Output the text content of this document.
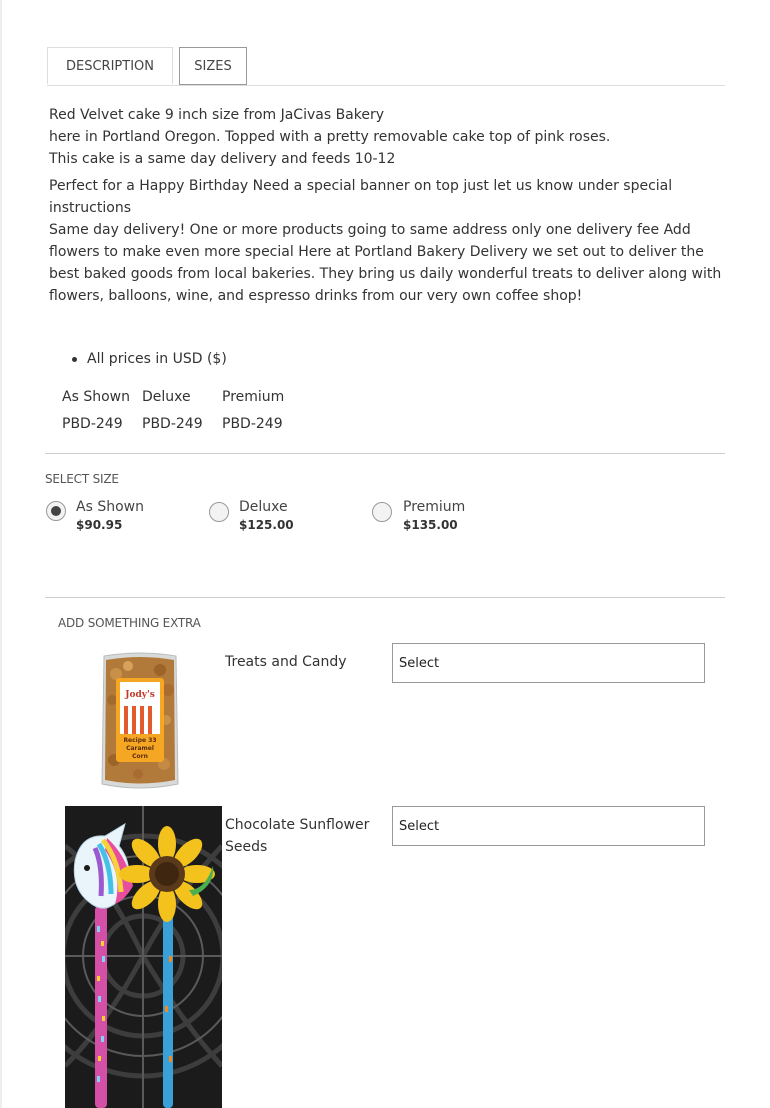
DESCRIPTION	SIZES

Red Velvet cake 9 inch size from JaCivas Bakery

here in Portland Oregon. Topped with a pretty removable cake top of pink roses.

This cake is a same day delivery and feeds 10-12

Perfect for a Happy Birthday Need a special banner on top just let us know under special instructions

Same day delivery! One or more products going to same address only one delivery fee Add flowers to make even more special Here at Portland Bakery Delivery we set out to deliver the best baked goods from local bakeries. They bring us daily wonderful treats to deliver along with flowers, balloons, wine, and espresso drinks from our very own coffee shop!

All prices in USD ($)
As Shown Deluxe Premium
PBD-249 PBD-249 PBD-249
SELECT SIZE
As Shown
$90.95
Deluxe
$125.00
Premium
$135.00
ADD SOMETHING EXTRA
Jody's
Recipe 33 Caramel Corn
Treats and Candy	Select
Chocolate Sunflower Seeds
Select
